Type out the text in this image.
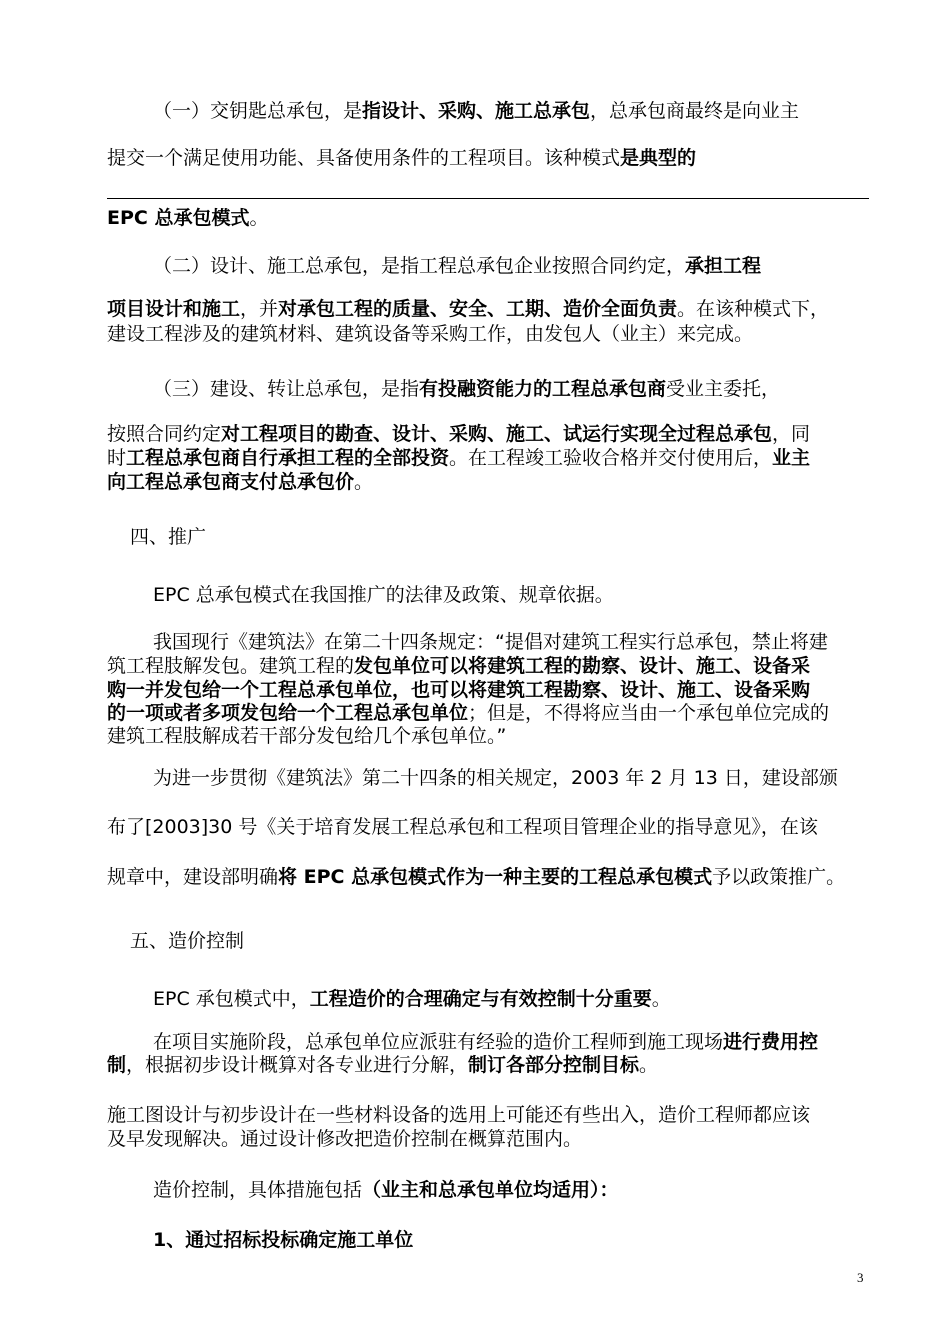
（一）交钥匙总承包，是指设计、采购、施工总承包，总承包商最终是向业主
提交一个满足使用功能、具备使用条件的工程项目。该种模式是典型的
EPC 总承包模式。
（二）设计、施工总承包，是指工程总承包企业按照合同约定，承担工程
项目设计和施工，并对承包工程的质量、安全、工期、造价全面负责。在该种模式下，
建设工程涉及的建筑材料、建筑设备等采购工作，由发包人（业主）来完成。
（三）建设、转让总承包，是指有投融资能力的工程总承包商受业主委托，
按照合同约定对工程项目的勘查、设计、采购、施工、试运行实现全过程总承包，同
时工程总承包商自行承担工程的全部投资。在工程竣工验收合格并交付使用后，业主
向工程总承包商支付总承包价。
四、推广
EPC 总承包模式在我国推广的法律及政策、规章依据。
我国现行《建筑法》在第二十四条规定：“提倡对建筑工程实行总承包，禁止将建
筑工程肢解发包。建筑工程的发包单位可以将建筑工程的勘察、设计、施工、设备采
购一并发包给一个工程总承包单位，也可以将建筑工程勘察、设计、施工、设备采购
的一项或者多项发包给一个工程总承包单位；但是，不得将应当由一个承包单位完成的
建筑工程肢解成若干部分发包给几个承包单位。”
为进一步贯彻《建筑法》第二十四条的相关规定，2003 年 2 月 13 日，建设部颁
布了[2003]30 号《关于培育发展工程总承包和工程项目管理企业的指导意见》，在该
规章中，建设部明确将 EPC 总承包模式作为一种主要的工程总承包模式予以政策推广。
五、造价控制
EPC 承包模式中，工程造价的合理确定与有效控制十分重要。
在项目实施阶段，总承包单位应派驻有经验的造价工程师到施工现场进行费用控
制，根据初步设计概算对各专业进行分解，制订各部分控制目标。
施工图设计与初步设计在一些材料设备的选用上可能还有些出入，造价工程师都应该
及早发现解决。通过设计修改把造价控制在概算范围内。
造价控制，具体措施包括（业主和总承包单位均适用）：
1、通过招标投标确定施工单位
3
